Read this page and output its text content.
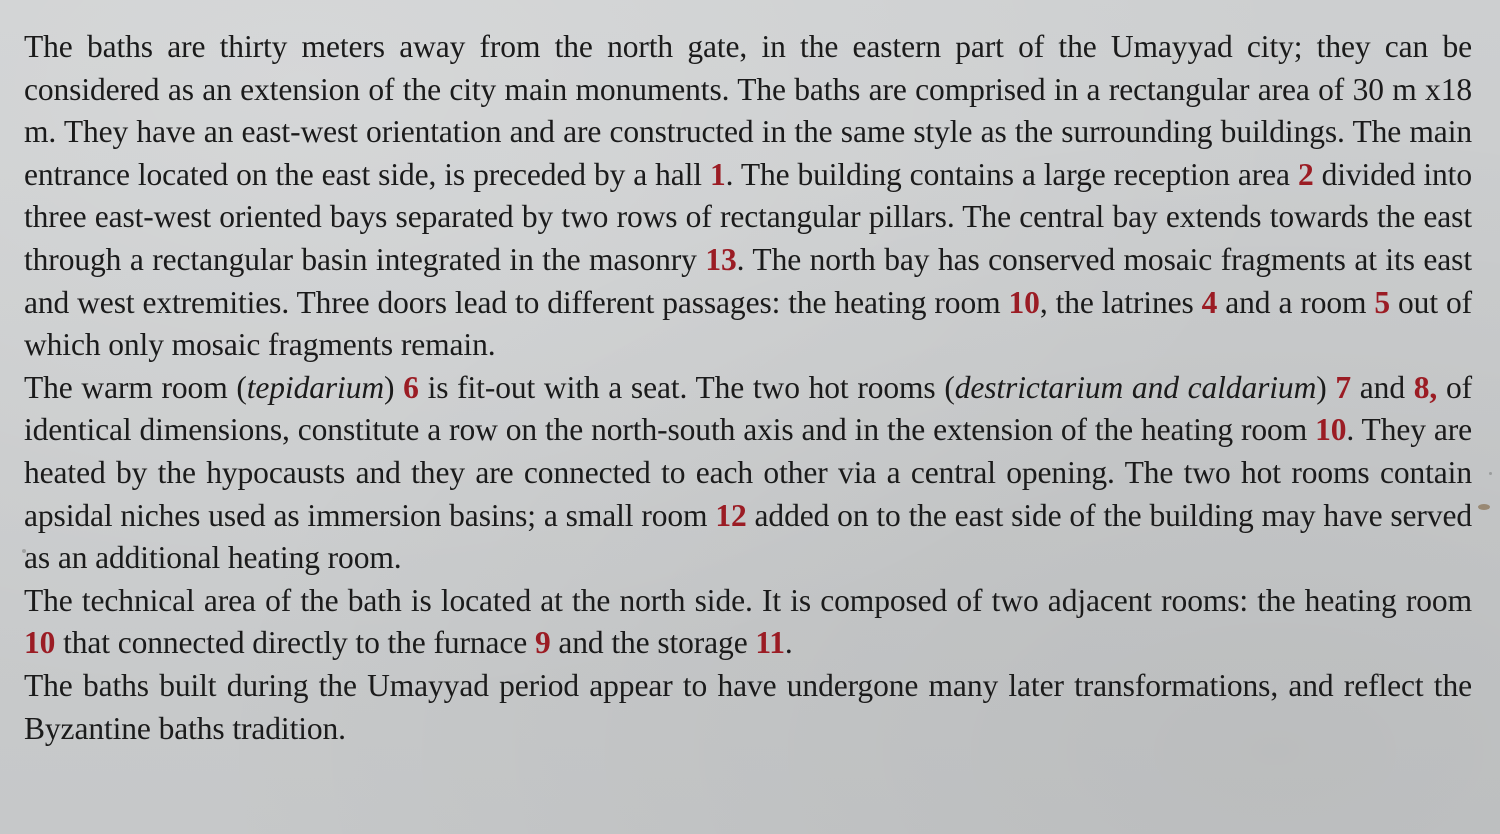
The baths are thirty meters away from the north gate, in the eastern part of the Umayyad city; they can be considered as an extension of the city main monuments. The baths are comprised in a rectangular area of 30 m x18 m. They have an east-west orientation and are constructed in the same style as the surrounding buildings. The main entrance located on the east side, is preceded by a hall 1. The building contains a large reception area 2 divided into three east-west oriented bays separated by two rows of rectangular pillars. The central bay extends towards the east through a rectangular basin integrated in the masonry 13. The north bay has conserved mosaic fragments at its east and west extremities. Three doors lead to different passages: the heating room 10, the latrines 4 and a room 5 out of which only mosaic fragments remain.

The warm room (tepidarium) 6 is fit-out with a seat. The two hot rooms (destrictarium and caldarium) 7 and 8, of identical dimensions, constitute a row on the north-south axis and in the extension of the heating room 10. They are heated by the hypocausts and they are connected to each other via a central opening. The two hot rooms contain apsidal niches used as immersion basins; a small room 12 added on to the east side of the building may have served as an additional heating room.

The technical area of the bath is located at the north side. It is composed of two adjacent rooms: the heating room 10 that connected directly to the furnace 9 and the storage 11.

The baths built during the Umayyad period appear to have undergone many later transformations, and reflect the Byzantine baths tradition.
